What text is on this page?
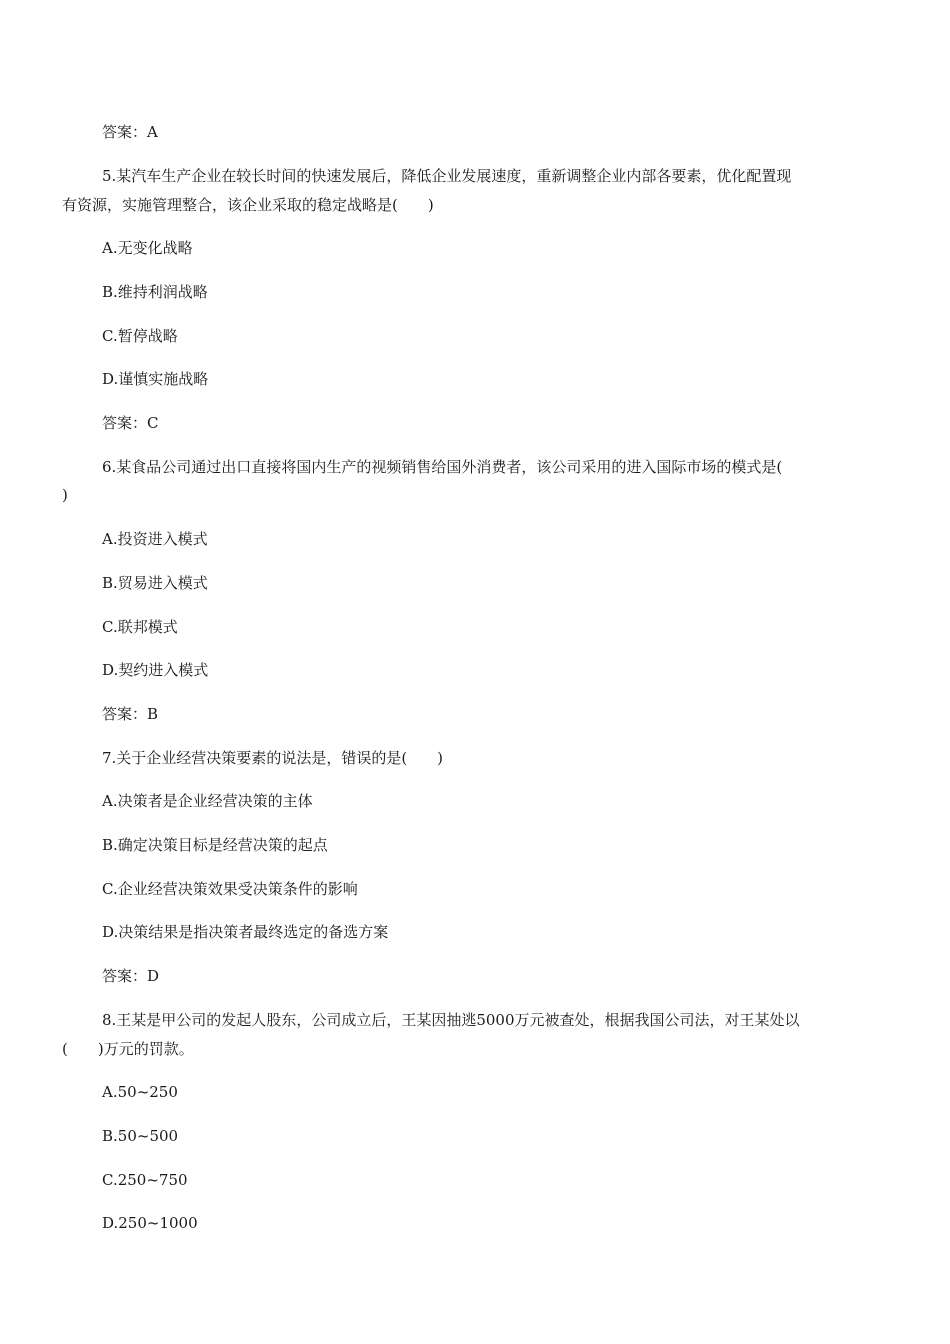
答案：A
5.某汽车生产企业在较长时间的快速发展后，降低企业发展速度，重新调整企业内部各要素，优化配置现
有资源，实施管理整合，该企业采取的稳定战略是(　　)
A.无变化战略
B.维持利润战略
C.暂停战略
D.谨慎实施战略
答案：C
6.某食品公司通过出口直接将国内生产的视频销售给国外消费者，该公司采用的进入国际市场的模式是(
)
A.投资进入模式
B.贸易进入模式
C.联邦模式
D.契约进入模式
答案：B
7.关于企业经营决策要素的说法是，错误的是(　　)
A.决策者是企业经营决策的主体
B.确定决策目标是经营决策的起点
C.企业经营决策效果受决策条件的影响
D.决策结果是指决策者最终选定的备选方案
答案：D
8.王某是甲公司的发起人股东，公司成立后，王某因抽逃5000万元被查处，根据我国公司法，对王某处以
(　　)万元的罚款。
A.50~250
B.50~500
C.250~750
D.250~1000
